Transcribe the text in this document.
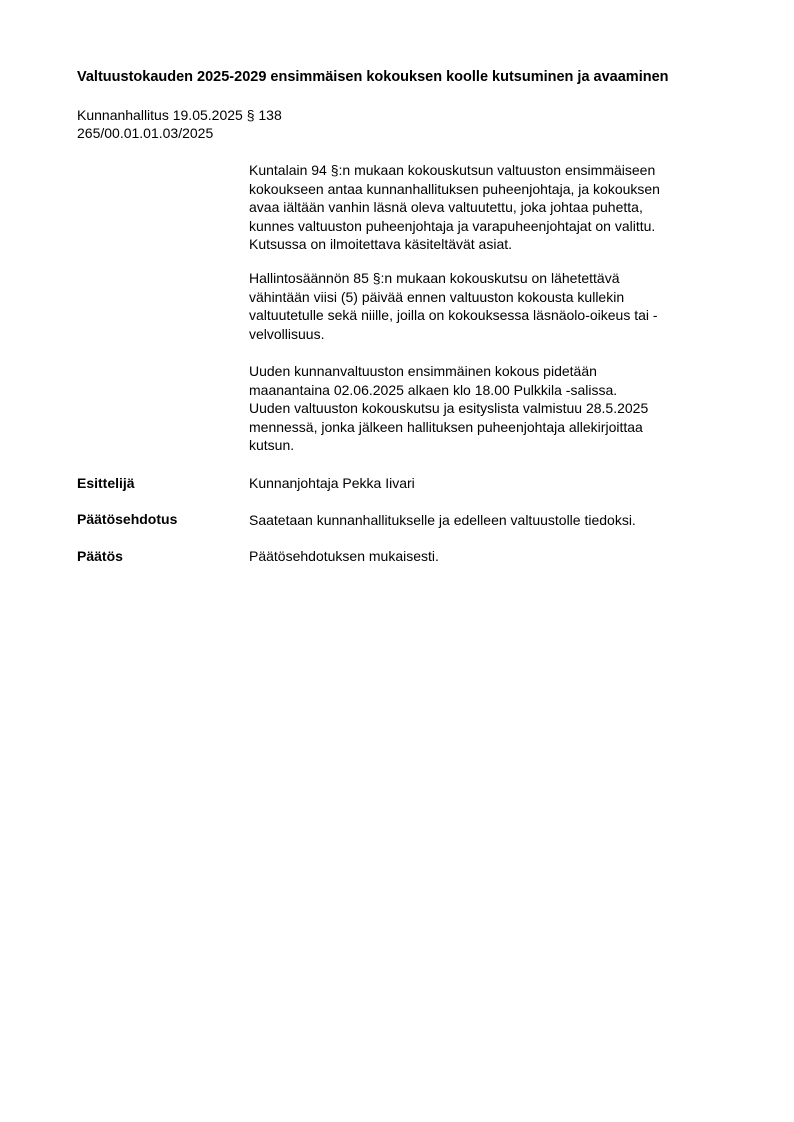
Valtuustokauden 2025-2029 ensimmäisen kokouksen koolle kutsuminen ja avaaminen
Kunnanhallitus 19.05.2025 § 138
265/00.01.01.03/2025

Kuntalain 94 §:n mukaan kokouskutsun valtuuston ensimmäiseen
kokoukseen antaa kunnanhallituksen puheenjohtaja, ja kokouksen
avaa iältään vanhin läsnä oleva valtuutettu, joka johtaa puhetta,
kunnes valtuuston puheenjohtaja ja varapuheenjohtajat on valittu.
Kutsussa on ilmoitettava käsiteltävät asiat.

Hallintosäännön 85 §:n mukaan kokouskutsu on lähetettävä
vähintään viisi (5) päivää ennen valtuuston kokousta kullekin
valtuutetulle sekä niille, joilla on kokouksessa läsnäolo-oikeus tai -
velvollisuus.

Uuden kunnanvaltuuston ensimmäinen kokous pidetään
maanantaina 02.06.2025 alkaen klo 18.00 Pulkkila -salissa.
Uuden valtuuston kokouskutsu ja esityslista valmistuu 28.5.2025
mennessä, jonka jälkeen hallituksen puheenjohtaja allekirjoittaa
kutsun.

Esittelijä	Kunnanjohtaja Pekka Iivari
Päätösehdotus	Saatetaan kunnanhallitukselle ja edelleen valtuustolle tiedoksi.
Päätös	Päätösehdotuksen mukaisesti.
